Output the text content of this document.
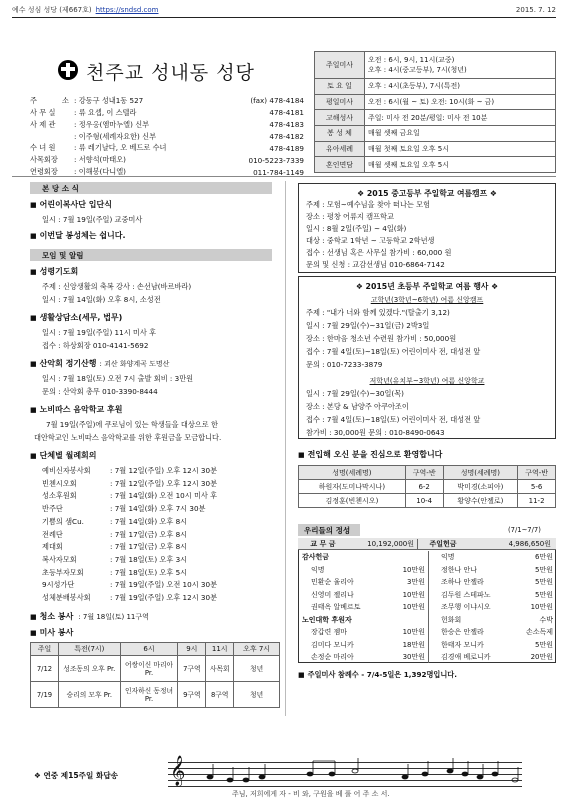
예수 성심 성당 (제667호) https://sndsd.com	2015. 7. 12
천주교 성내동 성당
주	소 : 강동구 성내1동 527	(fax) 478-4184
사 무 실	: 류 요셉, 이 스텔라	478-4181
사 제 관	: 정우옹(엠마누엘) 신부	478-4183
: 이주형(세례자요한) 신부	478-4182
수 녀 원	: 류 레기날다, 오 베드로 수녀	478-4189
사목회장 : 서향석(마태오)	010-5223-7339
연령회장 : 이해봉(다니엘)	011-784-1149
주일미사	오전 : 6시, 9시, 11시(교중)
오후 : 4시(중고등부), 7시(청년)

토 요 일	오후 : 4시(초등부), 7시(특전)

평일미사	오전 : 6시(월 ~ 토) 오전: 10시(화 ~ 금)

고해성사	주일: 미사 전 20분/평일: 미사 전 10분

봉 성 체	매월 셋째 금요일

유아세례	매월 첫째 토요일 오후 5시

혼인면담	매월 셋째 토요일 오후 5시
본 당 소 식
■ 어린이복사단 입단식
일시 : 7월 19일(주일) 교중미사
■ 이번달 봉성체는 쉽니다.
모임 및 알림
■ 성령기도회
주제 : 신앙생활의 축복 강사 : 손선남(바르바라)
일시 : 7월 14일(화) 오후 8시, 소성전
■ 생활상담소(세무, 법무)
일시 : 7월 19일(주일) 11시 미사 후
접수 : 하상회장 010-4141-5692
■ 산악회 정기산행 : 괴산 화양계곡 도명산
일시 : 7월 18일(토) 오전 7시 출발 회비 : 3만원
문의 : 산악회 총무 010-3390-8444
■ 노비따스 음악학교 후원
7월 19일(주일)에 쿠로님이 있는 학생들을 대상으로 한
대안학교인 노비따스 음악학교를 위한 후원금을 모금합니다.
■ 단체별 월례회의
예비신자봉사회	: 7월 12일(주일) 오후 12시 30분
빈첸시오회	: 7월 12일(주일) 오후 12시 30분
성소후원회	: 7월 14일(화) 오전 10시 미사 후
반주단	: 7월 14일(화) 오후 7시 30분
기쁨의 샘Cu.	: 7월 14일(화) 오후 8시
전례단	: 7월 17일(금) 오후 8시
제대회	: 7월 17일(금) 오후 8시
복사자모회	: 7월 18일(토) 오후 3시
초등부자모회	: 7월 18일(토) 오후 5시
9시성가단	: 7월 19일(주일) 오전 10시 30분
성체분배봉사회	: 7월 19일(주일) 오후 12시 30분
■ 청소 봉사 : 7월 18일(토) 11구역
■ 미사 봉사
주일	특전(7시)	6시	9시	11시	오후 7시
7/12	성조동의 오후 Pr.	어쌍이신 마리아 Pr.	7구역	사목회	청년
7/19	승리의 모후 Pr.	인자하신 동정녀 Pr.	9구역	8구역	청년
❖ 2015 중고등부 주일학교 여름캠프 ❖
주제 : 모험~예수님을 찾아 떠나는 모험
장소 : 평창 어류지 캠프학교
일시 : 8월 2일(주일) ~ 4일(화)
대상 : 중학교 1학년 ~ 고등학교 2학년생
접수 : 선생님 혹은 사무실 참가비 : 60,000 원
문의 및 신청 : 교감선생님 010-6864-7142
❖ 2015년 초등부 주일학교 여름 행사 ❖
고학년(3학년~6학년) 여름 신앙캠프
주제 : "내가 너와 함께 있겠다."(탈출기 3,12)
일시 : 7월 29일(수)~31일(금) 2박3일
장소 : 한마음 청소년 수련원 참가비 : 50,000원
접수 : 7월 4일(토)~18일(토) 어린이미사 전, 대성전 앞
문의 : 010-7233-3879
저학년(유치부~3학년) 여름 신앙학교
일시 : 7월 29일(수)~30일(목)
장소 : 본당 & 남양주 아쿠아조이
접수 : 7월 4일(토)~18일(토) 어린이미사 전, 대성전 앞
참가비 : 30,000원 문의 : 010-8490-0643
■ 전입해 오신 분을 진심으로 환영합니다
성명(세례명)	구역-반	성명(세례명)	구역-반
하원자(도미나막시나)	6-2	박미경(소피아)	5-6
김정훈(빈첸시오)	10-4	황양수(안젤로)	11-2
우리들의 정성	(7/1~7/7)
교 무 금	10,192,000원	주일헌금	4,986,650원
감사헌금	
익명	10만원
민환순 율리아	3만원
신영미 젤리나	10만원
권태옥 알베르토	10만원
노인대학 후원자	
장갑련 젬마	10만원
김미다 모니카	18만원
손정순 마리아	30만원
익명	6만원
정한나 안나	5만원
조하나 안젤라	5만원
김두원 스테파노	5만원
조무행 이냐시오	10만원
헌화회	수박
한승은 안젤라	손소독제
한태자 모니카	5만원
김경애 베로니카	20만원
■ 주일미사 참례수 - 7/4-5일은 1,392명입니다.
❖ 연중 제15주일 화답송 𝄞
주님, 저희에게 자 - 비 와, 구원을 베 풀 어 주 소 서.
